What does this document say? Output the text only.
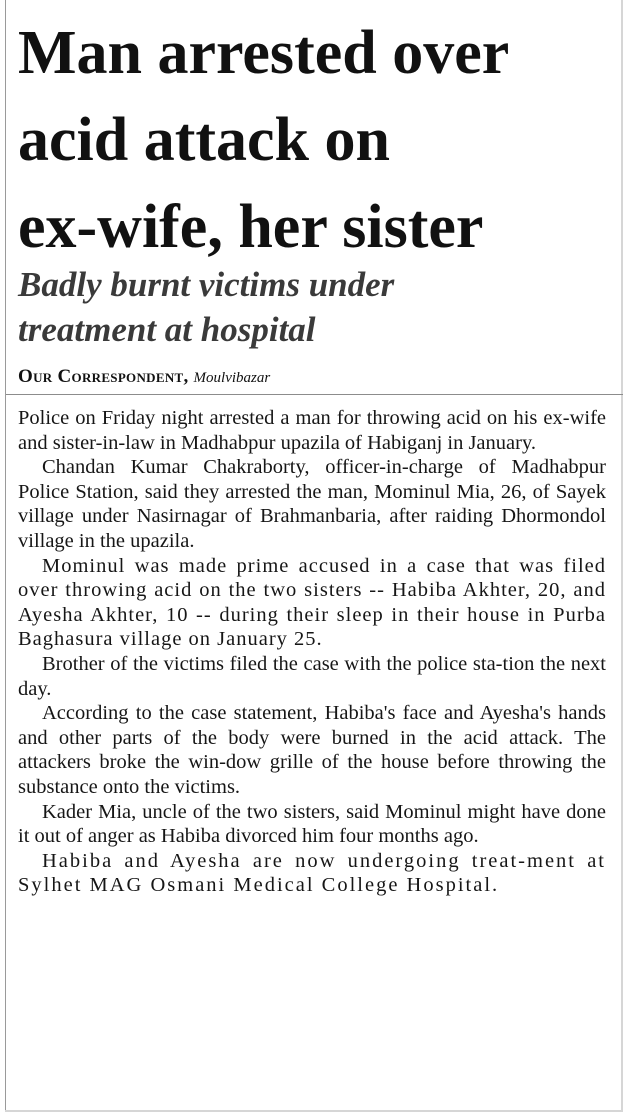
Man arrested over
acid attack on
ex-wife, her sister
Badly burnt victims under
treatment at hospital
Our Correspondent, Moulvibazar

Police on Friday night arrested a man for throwing acid on his ex-wife and sister-in-law in Madhabpur upazila of Habiganj in January.

Chandan Kumar Chakraborty, officer-in-charge of Madhabpur Police Station, said they arrested the man, Mominul Mia, 26, of Sayek village under Nasirnagar of Brahmanbaria, after raiding Dhormondol village in the upazila.

Mominul was made prime accused in a case that was filed over throwing acid on the two sisters -- Habiba Akhter, 20, and Ayesha Akhter, 10 -- during their sleep in their house in Purba Baghasura village on January 25.

Brother of the victims filed the case with the police sta-tion the next day.

According to the case statement, Habiba's face and Ayesha's hands and other parts of the body were burned in the acid attack. The attackers broke the win-dow grille of the house before throwing the substance onto the victims.

Kader Mia, uncle of the two sisters, said Mominul might have done it out of anger as Habiba divorced him four months ago.

Habiba and Ayesha are now undergoing treat-ment at Sylhet MAG Osmani Medical College Hospital.
